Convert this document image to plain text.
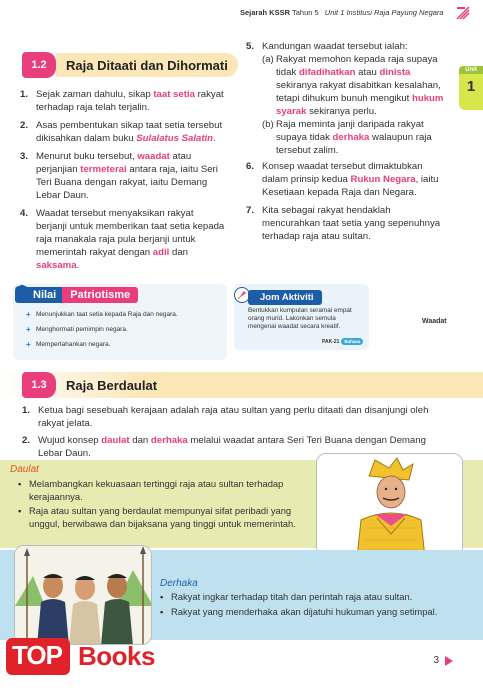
Sejarah KSSR Tahun 5 Unit 1 Institusi Raja Payung Negara
Unit
1
1.2	Raja Ditaati dan Dihormati
1. Sejak zaman dahulu, sikap taat setia rakyat terhadap raja telah terjalin.
2. Asas pembentukan sikap taat setia tersebut dikisahkan dalam buku Sulalatus Salatin.
3. Menurut buku tersebut, waadat atau perjanjian termeterai antara raja, iaitu Seri Teri Buana dengan rakyat, iaitu Demang Lebar Daun.
4. Waadat tersebut menyaksikan rakyat berjanji untuk memberikan taat setia kepada raja manakala raja pula berjanji untuk memerintah rakyat dengan adil dan saksama.
5. Kandungan waadat tersebut ialah:
(a) Rakyat memohon kepada raja supaya tidak difadihatkan atau dinista sekiranya rakyat disabitkan kesalahan, tetapi dihukum bunuh mengikut hukum syarak sekiranya perlu.
(b) Raja meminta janji daripada rakyat supaya tidak derhaka walaupun raja tersebut zalim.
6. Konsep waadat tersebut dimaktubkan dalam prinsip kedua Rukun Negara, iaitu Kesetiaan kepada Raja dan Negara.
7. Kita sebagai rakyat hendaklah mencurahkan taat setia yang sepenuhnya terhadap raja atau sultan.
Nilai	Patriotisme
+ Menunjukkan taat setia kepada Raja dan negara.
+ Menghormati pemimpin negara.
+ Mempertahankan negara.
Jom Aktiviti
Bentukkan kumpulan seramai empat orang murid. Lakonkan semula mengenai waadat secara kreatif.
PAK-21	Bahasa
Waadat
1.3	Raja Berdaulat
1. Ketua bagi sesebuah kerajaan adalah raja atau sultan yang perlu ditaati dan disanjungi oleh rakyat jelata.
2. Wujud konsep daulat dan derhaka melalui waadat antara Seri Teri Buana dengan Demang Lebar Daun.
Daulat
• Melambangkan kekuasaan tertinggi raja atau sultan terhadap kerajaannya.
• Raja atau sultan yang berdaulat mempunyai sifat peribadi yang unggul, berwibawa dan bijaksana yang tinggi untuk memerintah.
Derhaka
• Rakyat ingkar terhadap titah dan perintah raja atau sultan.
• Rakyat yang menderhaka akan dijatuhi hukuman yang setimpal.
TOP Books	3
